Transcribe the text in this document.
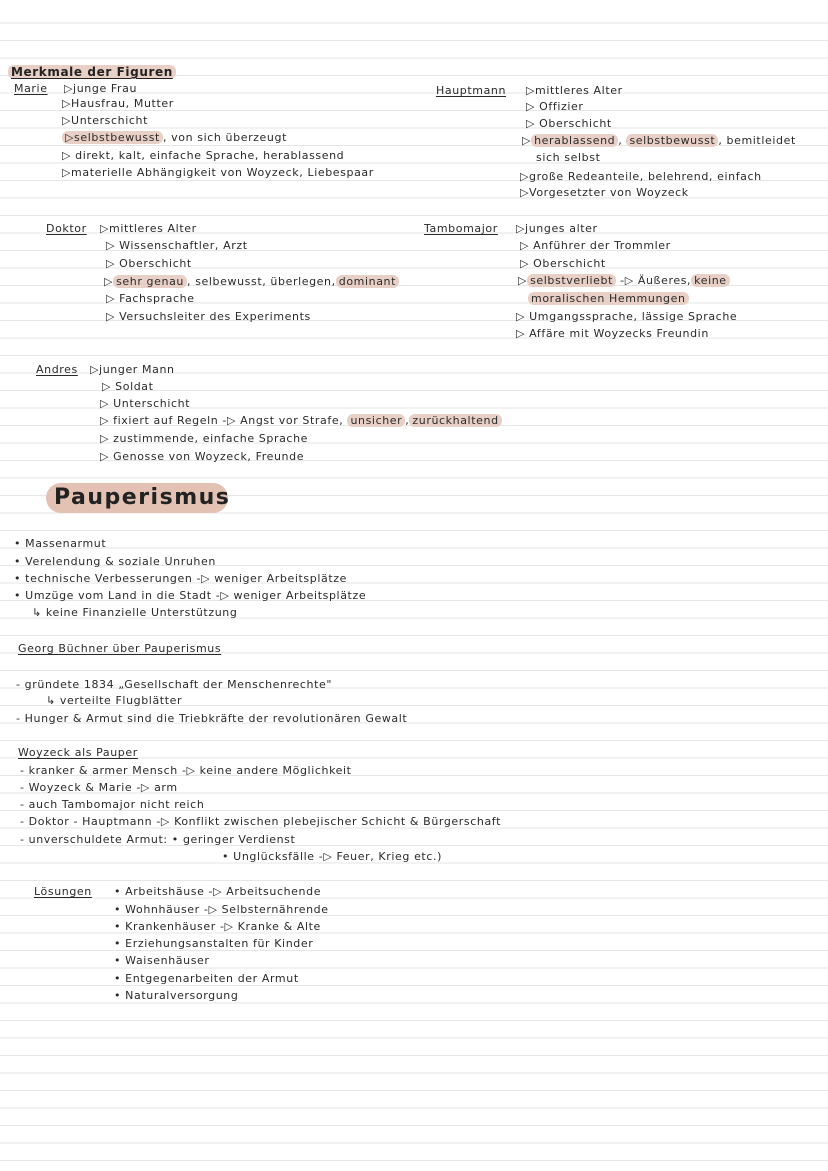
Merkmale der Figuren
Marie ▷junge Frau
▷Hausfrau, Mutter
▷Unterschicht
▷selbstbewusst , von sich überzeugt
▷ direkt, kalt, einfache Sprache, herablassend
▷materielle Abhängigkeit von Woyzeck, Liebespaar
Hauptmann ▷mittleres Alter
▷ Offizier
▷ Oberschicht
▷ herablassend , selbstbewusst , bemitleidet
sich selbst
▷große Redeanteile, belehrend, einfach
▷Vorgesetzter von Woyzeck
Doktor ▷mittleres Alter
▷ Wissenschaftler, Arzt
▷ Oberschicht
▷ sehr genau , selbewusst, überlegen, dominant
▷ Fachsprache
▷ Versuchsleiter des Experiments
Tambomajor ▷junges alter
▷ Anführer der Trommler
▷ Oberschicht
▷ selbstverliebt -▷ Äußeres, keine
moralischen Hemmungen
▷ Umgangssprache, lässige Sprache
▷ Affäre mit Woyzecks Freundin
Andres ▷junger Mann
▷ Soldat
▷ Unterschicht
▷ fixiert auf Regeln -▷ Angst vor Strafe, unsicher , zurückhaltend
▷ zustimmende, einfache Sprache
▷ Genosse von Woyzeck, Freunde
Pauperismus
• Massenarmut
• Verelendung & soziale Unruhen
• technische Verbesserungen -▷ weniger Arbeitsplätze
• Umzüge vom Land in die Stadt -▷ weniger Arbeitsplätze
↳ keine Finanzielle Unterstützung
Georg Büchner über Pauperismus
- gründete 1834 „Gesellschaft der Menschenrechte"
↳ verteilte Flugblätter
- Hunger & Armut sind die Triebkräfte der revolutionären Gewalt
Woyzeck als Pauper
- kranker & armer Mensch -▷ keine andere Möglichkeit
- Woyzeck & Marie -▷ arm
- auch Tambomajor nicht reich
- Doktor - Hauptmann -▷ Konflikt zwischen plebejischer Schicht & Bürgerschaft
- unverschuldete Armut: • geringer Verdienst
• Unglücksfälle -▷ Feuer, Krieg etc.)
Lösungen • Arbeitshäuse -▷ Arbeitsuchende
• Wohnhäuser -▷ Selbsternährende
• Krankenhäuser -▷ Kranke & Alte
• Erziehungsanstalten für Kinder
• Waisenhäuser
• Entgegenarbeiten der Armut
• Naturalversorgung
